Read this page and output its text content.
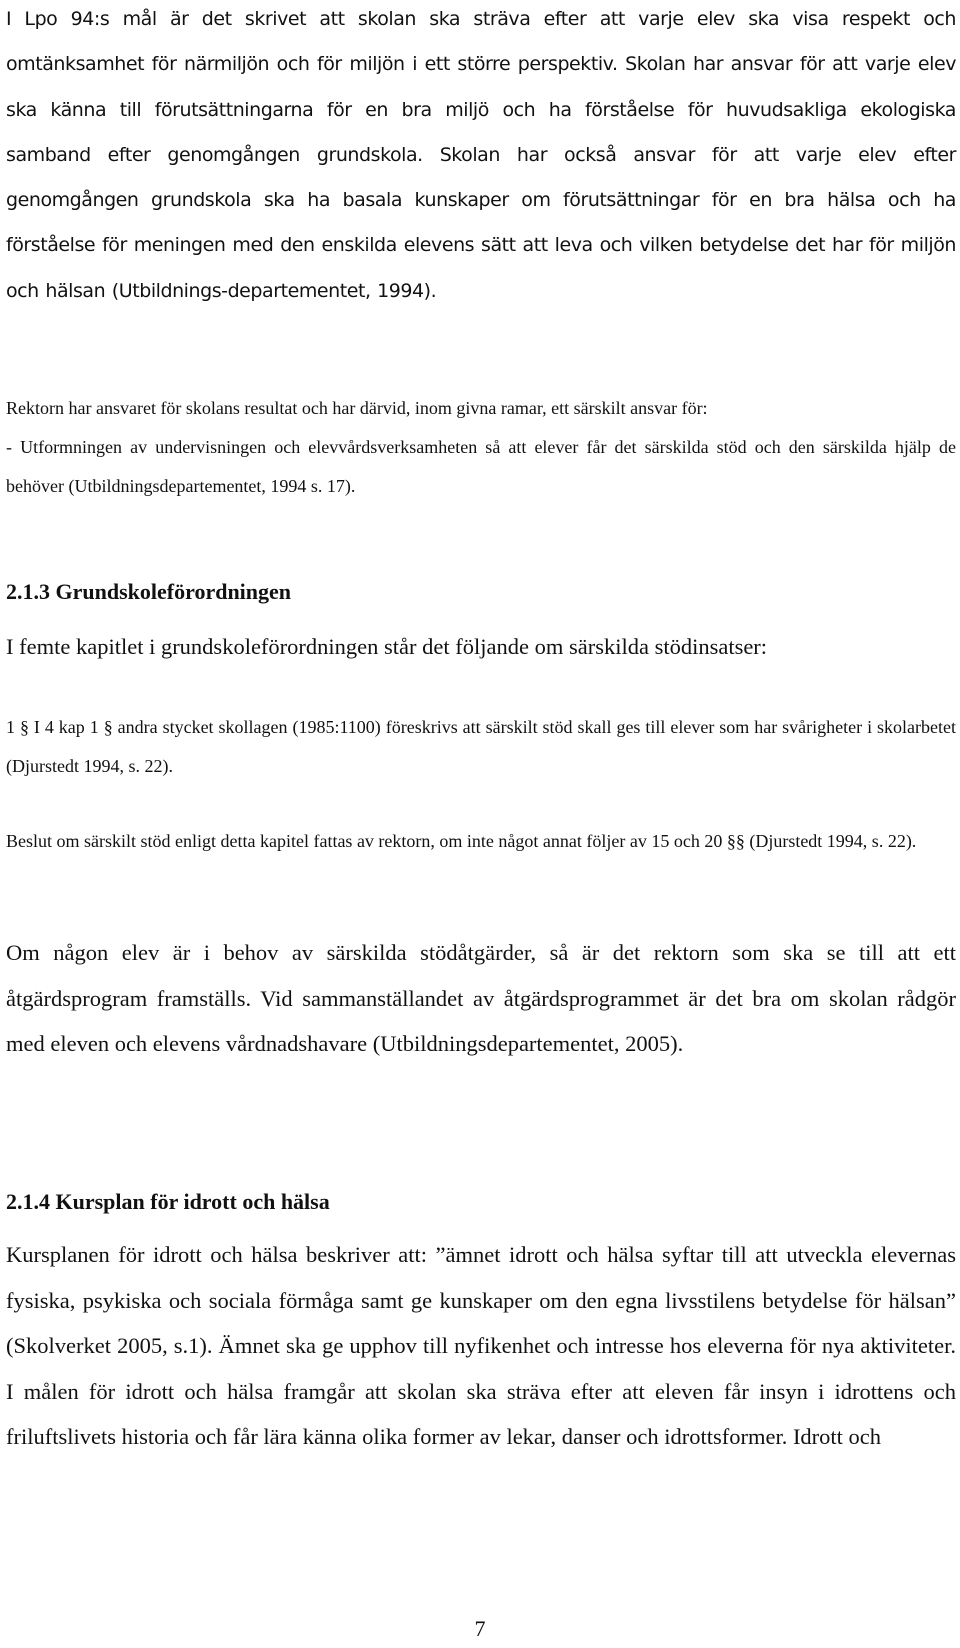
I Lpo 94:s mål är det skrivet att skolan ska sträva efter att varje elev ska visa respekt och omtänksamhet för närmiljön och för miljön i ett större perspektiv. Skolan har ansvar för att varje elev ska känna till förutsättningarna för en bra miljö och ha förståelse för huvudsakliga ekologiska samband efter genomgången grundskola. Skolan har också ansvar för att varje elev efter genomgången grundskola ska ha basala kunskaper om förutsättningar för en bra hälsa och ha förståelse för meningen med den enskilda elevens sätt att leva och vilken betydelse det har för miljön och hälsan (Utbildnings-departementet, 1994).

Rektorn har ansvaret för skolans resultat och har därvid, inom givna ramar, ett särskilt ansvar för:
- Utformningen av undervisningen och elevvårdsverksamheten så att elever får det särskilda stöd och den särskilda hjälp de behöver (Utbildningsdepartementet, 1994 s. 17).
2.1.3 Grundskoleförordningen

I femte kapitlet i grundskoleförordningen står det följande om särskilda stödinsatser:

1 § I 4 kap 1 § andra stycket skollagen (1985:1100) föreskrivs att särskilt stöd skall ges till elever som har svårigheter i skolarbetet (Djurstedt 1994, s. 22).

Beslut om särskilt stöd enligt detta kapitel fattas av rektorn, om inte något annat följer av 15 och 20 §§ (Djurstedt 1994, s. 22).

Om någon elev är i behov av särskilda stödåtgärder, så är det rektorn som ska se till att ett åtgärdsprogram framställs. Vid sammanställandet av åtgärdsprogrammet är det bra om skolan rådgör med eleven och elevens vårdnadshavare (Utbildningsdepartementet, 2005).

2.1.4 Kursplan för idrott och hälsa

Kursplanen för idrott och hälsa beskriver att: ”ämnet idrott och hälsa syftar till att utveckla elevernas fysiska, psykiska och sociala förmåga samt ge kunskaper om den egna livsstilens betydelse för hälsan” (Skolverket 2005, s.1). Ämnet ska ge upphov till nyfikenhet och intresse hos eleverna för nya aktiviteter. I målen för idrott och hälsa framgår att skolan ska sträva efter att eleven får insyn i idrottens och friluftslivets historia och får lära känna olika former av lekar, danser och idrottsformer. Idrott och

7
